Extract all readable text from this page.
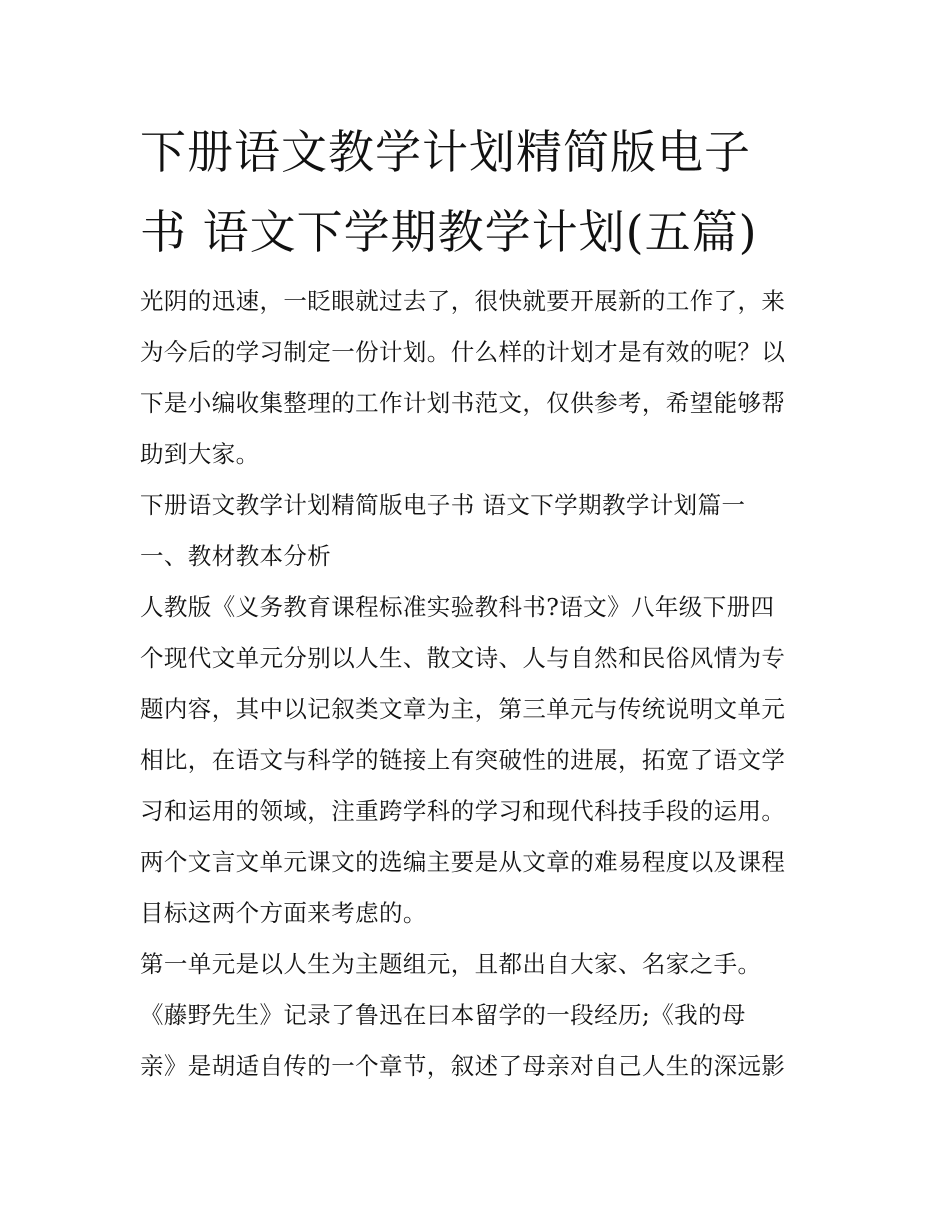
下册语文教学计划精简版电子
书 语文下学期教学计划(五篇)
光阴的迅速，一眨眼就过去了，很快就要开展新的工作了，来
为今后的学习制定一份计划。什么样的计划才是有效的呢？以
下是小编收集整理的工作计划书范文，仅供参考，希望能够帮
助到大家。
下册语文教学计划精简版电子书 语文下学期教学计划篇一
一、教材教本分析
人教版《义务教育课程标准实验教科书?语文》八年级下册四
个现代文单元分别以人生、散文诗、人与自然和民俗风情为专
题内容，其中以记叙类文章为主，第三单元与传统说明文单元
相比，在语文与科学的链接上有突破性的进展，拓宽了语文学
习和运用的领域，注重跨学科的学习和现代科技手段的运用。
两个文言文单元课文的选编主要是从文章的难易程度以及课程
目标这两个方面来考虑的。
第一单元是以人生为主题组元，且都出自大家、名家之手。
《藤野先生》记录了鲁迅在曰本留学的一段经历;《我的母
亲》是胡适自传的一个章节，叙述了母亲对自己人生的深远影
